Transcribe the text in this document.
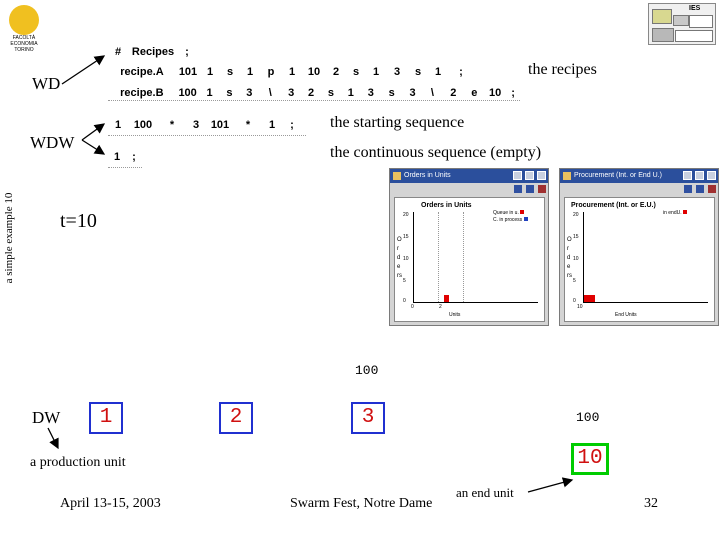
a simple example 10
FACOLTÀ
ECONOMIA
TORINO
IES
WD
WDW
# Recipes	;
recipe.A	101 1	s	1	p	1	10	2	s	1	3	s	1	;
recipe.B	100 1	s	3	\	3	2	s	1	3	s	3	\	2	e	10 ;
the recipes
1	100	*	3	101	*	1	;	the starting sequence
1	;	the continuous sequence (empty)
t=10
Orders in Units
Orders in Units
Queue in u.
C. in process
Orders
20
15
10
5
0
0	2
Units
Procurement (Int. or End U.)
Procurement (Int. or E.U.)
in endU.
Orders
20
15
10
5
0
10
End Units
DW	1	2
100
3	100
10
a production unit
an end unit
April 13-15, 2003	Swarm Fest, Notre Dame	32
